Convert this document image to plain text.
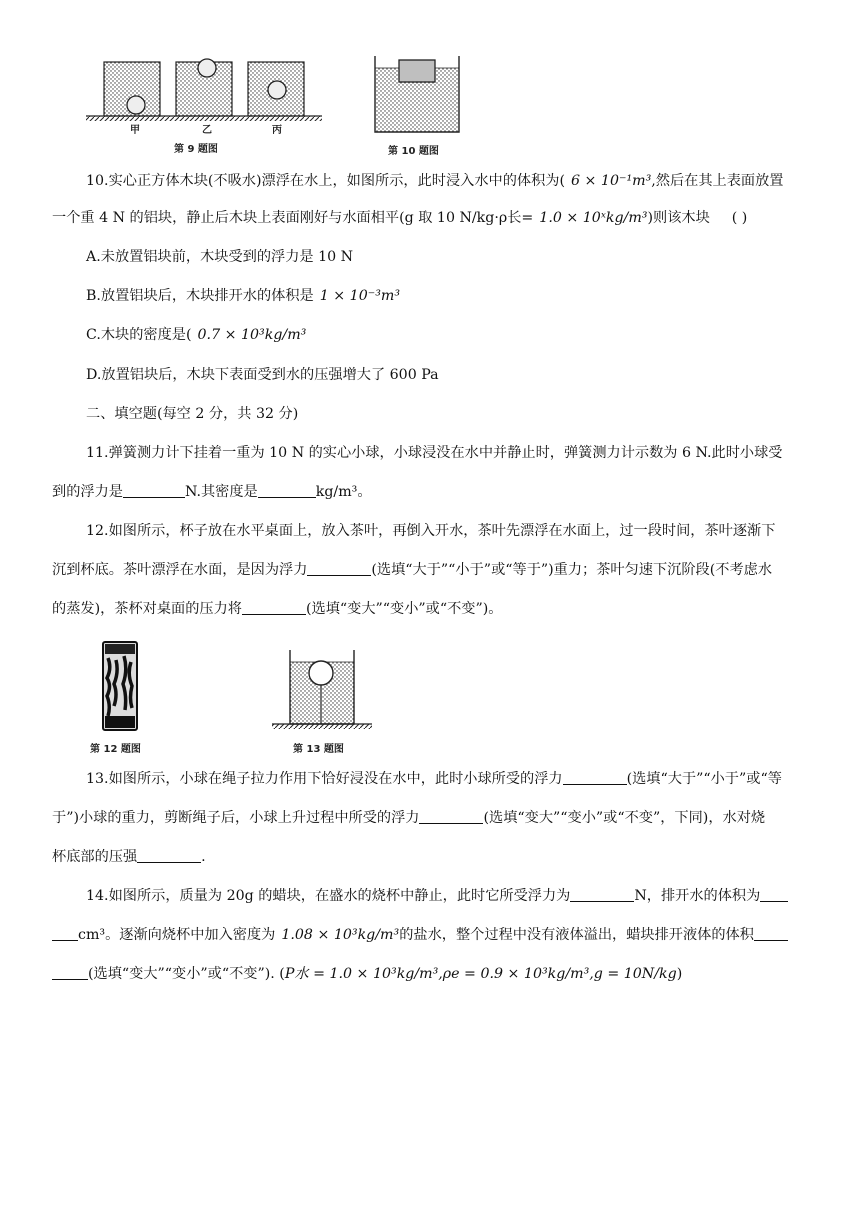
甲	乙	丙
第 9 题图	第 10 题图
10.实心正方体木块(不吸水)漂浮在水上，如图所示，此时浸入水中的体积为( 6 × 10⁻¹m³,然后在其上表面放置
一个重 4 N 的铝块，静止后木块上表面刚好与水面相平(g 取 10 N/kg·ρ长= 1.0 × 10ˣkg/m³)则该木块 ( )
A.未放置铝块前，木块受到的浮力是 10 N
B.放置铝块后，木块排开水的体积是 1 × 10⁻³m³
C.木块的密度是( 0.7 × 10³kg/m³
D.放置铝块后，木块下表面受到水的压强增大了 600 Pa
二、填空题(每空 2 分，共 32 分)
11.弹簧测力计下挂着一重为 10 N 的实心小球，小球浸没在水中并静止时，弹簧测力计示数为 6 N.此时小球受
到的浮力是	N.其密度是	kg/m³。
12.如图所示，杯子放在水平桌面上，放入茶叶，再倒入开水，茶叶先漂浮在水面上，过一段时间，茶叶逐渐下
沉到杯底。茶叶漂浮在水面，是因为浮力	(选填“大于”“小于”或“等于”)重力；茶叶匀速下沉阶段(不考虑水
的蒸发)，茶杯对桌面的压力将	(选填“变大”“变小”或“不变”)。
第 12 题图	第 13 题图
13.如图所示，小球在绳子拉力作用下恰好浸没在水中，此时小球所受的浮力	(选填“大于”“小于”或“等
于”)小球的重力，剪断绳子后，小球上升过程中所受的浮力	(选填“变大”“变小”或“不变”，下同)，水对烧
杯底部的压强	.
14.如图所示，质量为 20g 的蜡块，在盛水的烧杯中静止，此时它所受浮力为	N，排开水的体积为
cm³。逐渐向烧杯中加入密度为 1.08 × 10³kg/m³的盐水，整个过程中没有液体溢出，蜡块排开液体的体积
(选填“变大”“变小”或“不变”). (P水 = 1.0 × 10³kg/m³,ρe = 0.9 × 10³kg/m³,g = 10N/kg)
